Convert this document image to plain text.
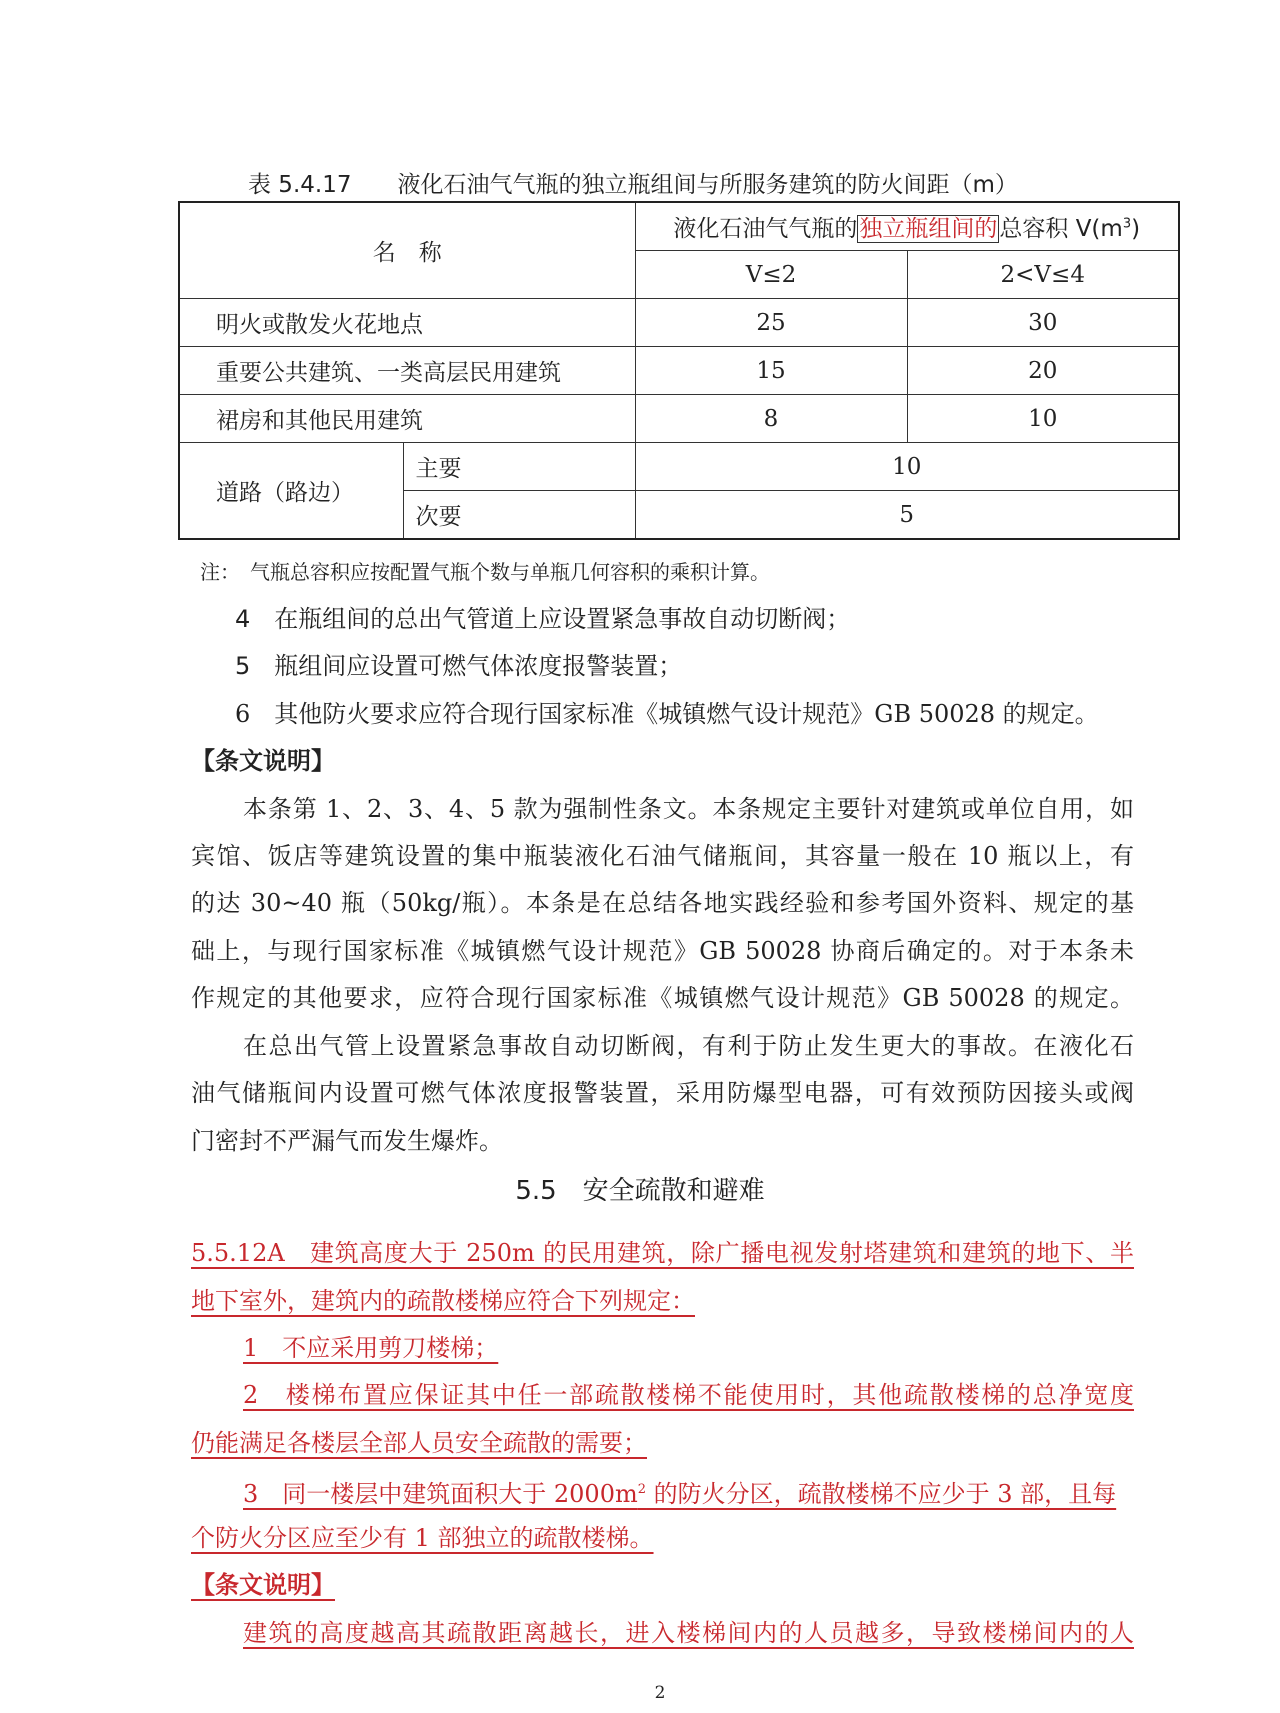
表 5.4.17　　液化石油气气瓶的独立瓶组间与所服务建筑的防火间距（m）
名　称		液化石油气气瓶的独立瓶组间的总容积 $V(m^3)$	
		V≤2	2<V≤4
明火或散发火花地点		25	30
重要公共建筑、一类高层民用建筑		15	20
裙房和其他民用建筑		8	10
道路（路边）	主要	10	
	次要	5	
注：　气瓶总容积应按配置气瓶个数与单瓶几何容积的乘积计算。
4　在瓶组间的总出气管道上应设置紧急事故自动切断阀；
5　瓶组间应设置可燃气体浓度报警装置；
6　其他防火要求应符合现行国家标准《城镇燃气设计规范》GB 50028 的规定。
【条文说明】
本条第 1、2、3、4、5 款为强制性条文。本条规定主要针对建筑或单位自用，如
宾馆、饭店等建筑设置的集中瓶装液化石油气储瓶间，其容量一般在 10 瓶以上，有
的达 30~40 瓶（50kg/瓶）。本条是在总结各地实践经验和参考国外资料、规定的基
础上，与现行国家标准《城镇燃气设计规范》GB 50028 协商后确定的。对于本条未
作规定的其他要求，应符合现行国家标准《城镇燃气设计规范》GB 50028 的规定。
在总出气管上设置紧急事故自动切断阀，有利于防止发生更大的事故。在液化石
油气储瓶间内设置可燃气体浓度报警装置，采用防爆型电器，可有效预防因接头或阀
门密封不严漏气而发生爆炸。
5.5　安全疏散和避难
5.5.12A　建筑高度大于 250m 的民用建筑，除广播电视发射塔建筑和建筑的地下、半
地下室外，建筑内的疏散楼梯应符合下列规定：
1　不应采用剪刀楼梯；
2　楼梯布置应保证其中任一部疏散楼梯不能使用时，其他疏散楼梯的总净宽度
仍能满足各楼层全部人员安全疏散的需要；
3　同一楼层中建筑面积大于 $2000m^2$ 的防火分区，疏散楼梯不应少于 3 部，且每
个防火分区应至少有 1 部独立的疏散楼梯。
【条文说明】
建筑的高度越高其疏散距离越长，进入楼梯间内的人员越多，导致楼梯间内的人
2
